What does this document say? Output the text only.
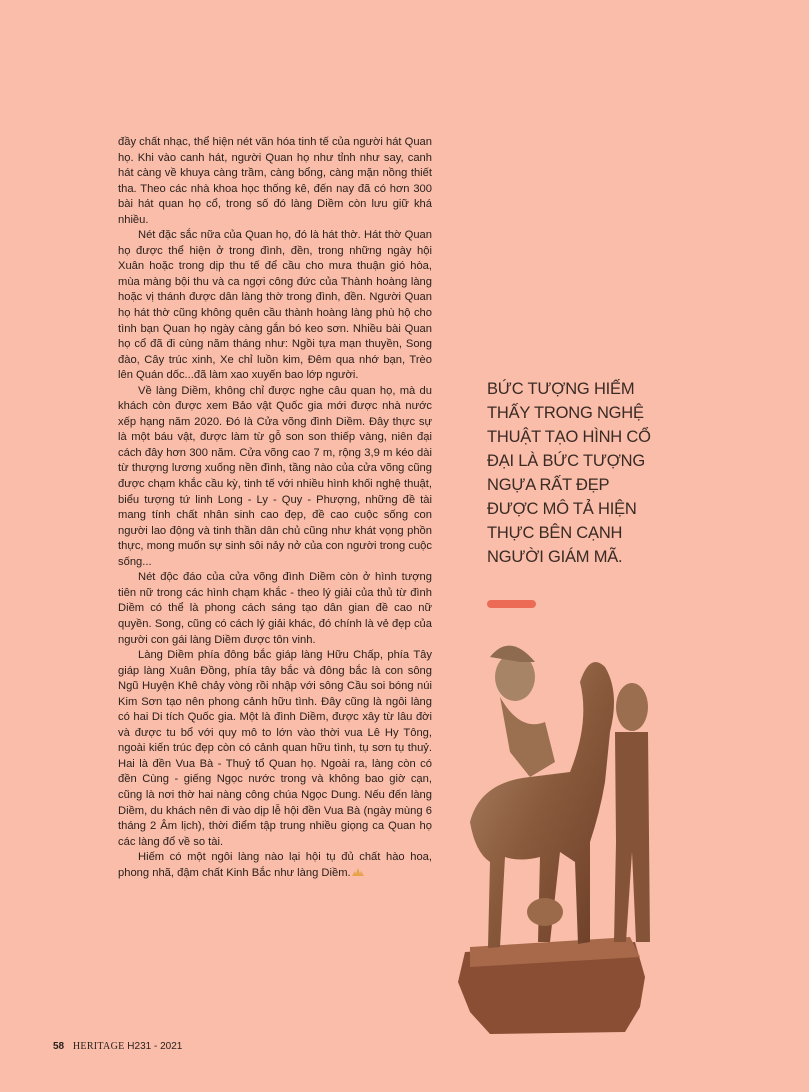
đầy chất nhạc, thể hiện nét văn hóa tinh tế của người hát Quan họ. Khi vào canh hát, người Quan họ như tỉnh như say, canh hát càng về khuya càng trầm, càng bổng, càng mặn nồng thiết tha. Theo các nhà khoa học thống kê, đến nay đã có hơn 300 bài hát quan họ cổ, trong số đó làng Diềm còn lưu giữ khá nhiều.

Nét đặc sắc nữa của Quan họ, đó là hát thờ. Hát thờ Quan họ được thể hiện ở trong đình, đền, trong những ngày hội Xuân hoặc trong dịp thu tế để cầu cho mưa thuận gió hòa, mùa màng bội thu và ca ngợi công đức của Thành hoàng làng hoặc vị thánh được dân làng thờ trong đình, đền. Người Quan họ hát thờ cũng không quên cầu thành hoàng làng phù hộ cho tình bạn Quan họ ngày càng gắn bó keo sơn. Nhiều bài Quan họ cổ đã đi cùng năm tháng như: Ngồi tựa mạn thuyền, Song đào, Cây trúc xinh, Xe chỉ luồn kim, Đêm qua nhớ bạn, Trèo lên Quán dốc...đã làm xao xuyến bao lớp người.

Về làng Diềm, không chỉ được nghe câu quan họ, mà du khách còn được xem Bảo vật Quốc gia mới được nhà nước xếp hạng năm 2020. Đó là Cửa võng đình Diềm. Đây thực sự là một báu vật, được làm từ gỗ son son thiếp vàng, niên đại cách đây hơn 300 năm. Cửa võng cao 7 m, rộng 3,9 m kéo dài từ thượng lương xuống nền đình, tầng nào của cửa võng cũng được chạm khắc cầu kỳ, tinh tế với nhiều hình khối nghệ thuật, biểu tượng tứ linh Long - Ly - Quy - Phượng, những đề tài mang tính chất nhân sinh cao đẹp, đề cao cuộc sống con người lao động và tinh thần dân chủ cũng như khát vọng phồn thực, mong muốn sự sinh sôi nảy nở của con người trong cuộc sống...

Nét độc đáo của cửa võng đình Diềm còn ở hình tượng tiên nữ trong các hình chạm khắc - theo lý giải của thủ từ đình Diềm có thể là phong cách sáng tạo dân gian đề cao nữ quyền. Song, cũng có cách lý giải khác, đó chính là vẻ đẹp của người con gái làng Diềm được tôn vinh.

Làng Diềm phía đông bắc giáp làng Hữu Chấp, phía Tây giáp làng Xuân Đồng, phía tây bắc và đông bắc là con sông Ngũ Huyện Khê chảy vòng rồi nhập với sông Cầu soi bóng núi Kim Sơn tạo nên phong cảnh hữu tình. Đây cũng là ngôi làng có hai Di tích Quốc gia. Một là đình Diềm, được xây từ lâu đời và được tu bổ với quy mô to lớn vào thời vua Lê Hy Tông, ngoài kiến trúc đẹp còn có cảnh quan hữu tình, tụ sơn tụ thuỷ. Hai là đền Vua Bà - Thuỷ tổ Quan họ. Ngoài ra, làng còn có đền Cùng - giếng Ngọc nước trong và không bao giờ cạn, cũng là nơi thờ hai nàng công chúa Ngọc Dung. Nếu đến làng Diềm, du khách nên đi vào dịp lễ hội đền Vua Bà (ngày mùng 6 tháng 2 Âm lịch), thời điểm tập trung nhiều giọng ca Quan họ các làng đổ về so tài.

Hiếm có một ngôi làng nào lại hội tụ đủ chất hào hoa, phong nhã, đậm chất Kinh Bắc như làng Diềm.

BỨC TƯỢNG HIẾM THẤY TRONG NGHỆ THUẬT TẠO HÌNH CỔ ĐẠI LÀ BỨC TƯỢNG NGỰA RẤT ĐẸP ĐƯỢC MÔ TẢ HIỆN THỰC BÊN CẠNH NGƯỜI GIÁM MÃ.
58 HERITAGE H231 - 2021
